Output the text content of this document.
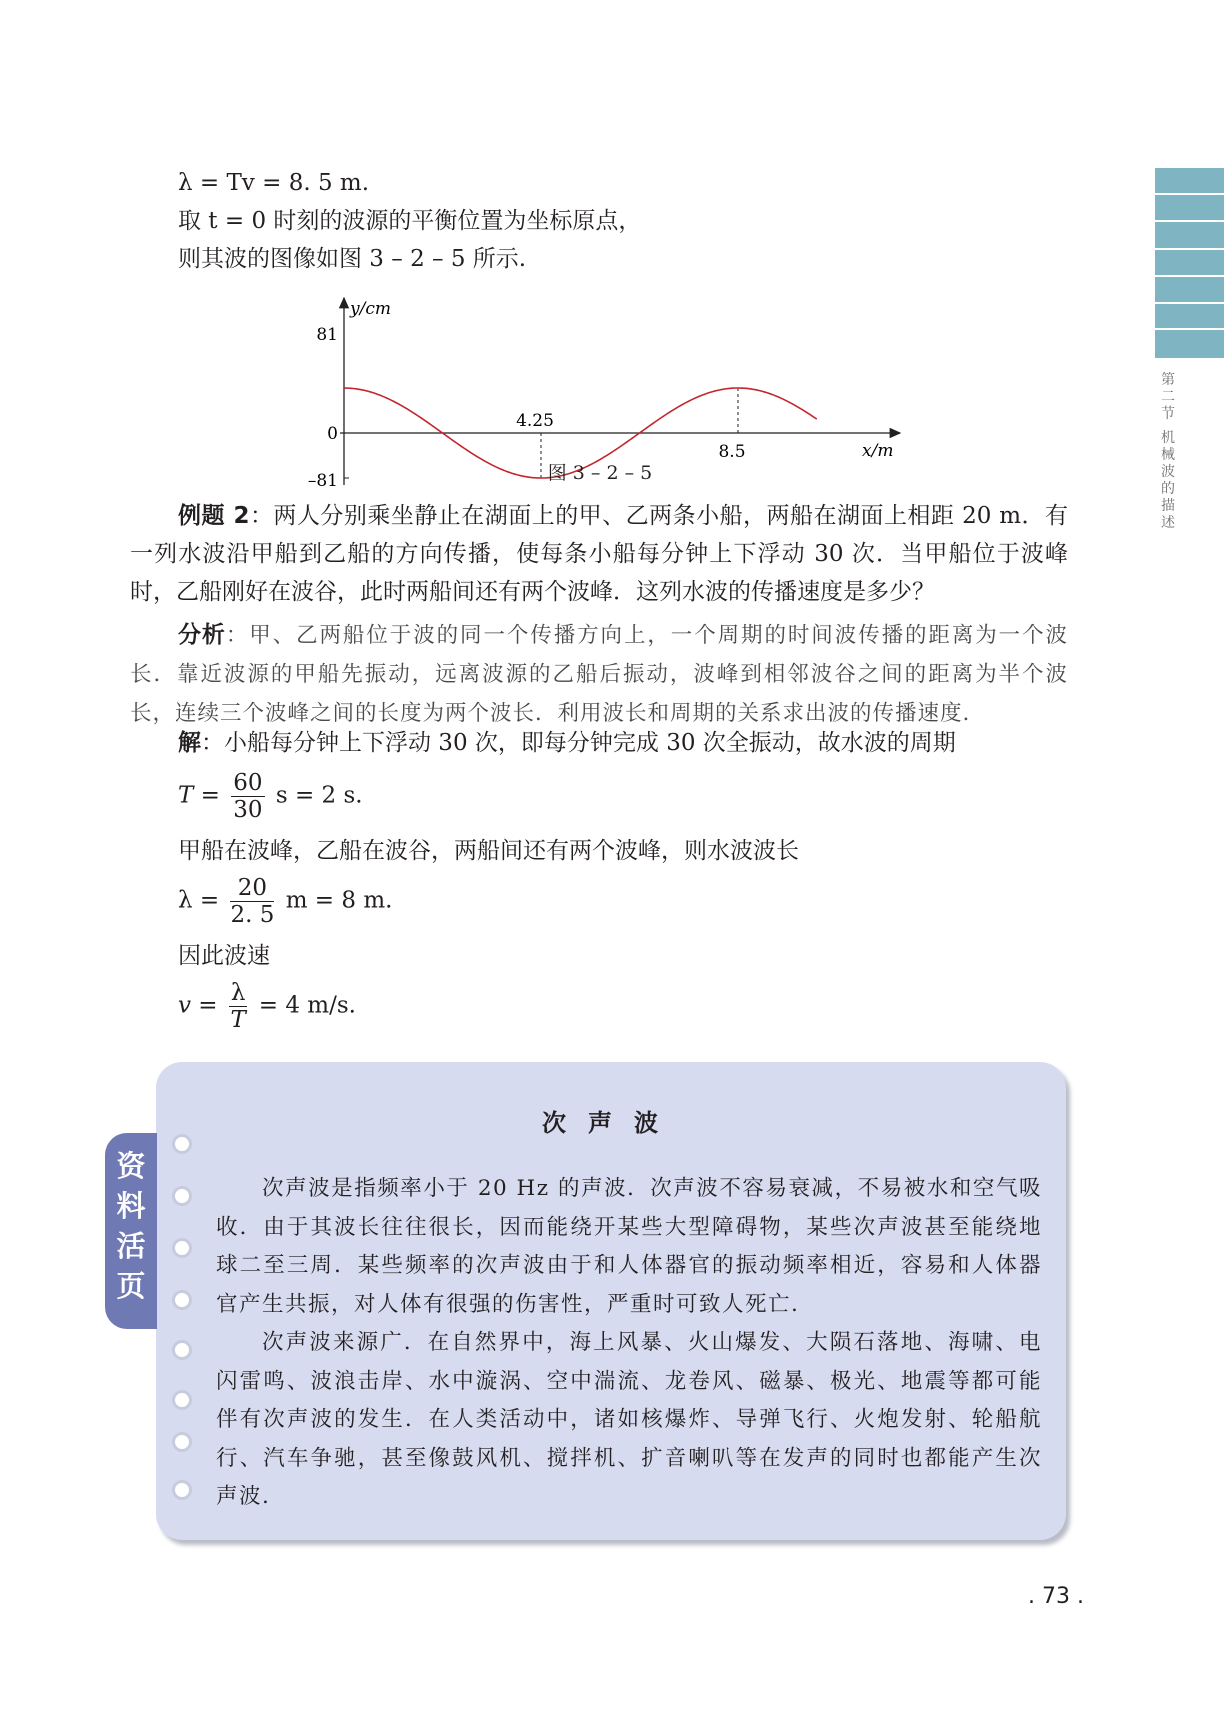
λ = Tv = 8. 5 m.
取 t = 0 时刻的波源的平衡位置为坐标原点，
则其波的图像如图 3 – 2 – 5 所示.
y/cm
x/m
81
0
–81
4.25
8.5
图 3 – 2 – 5

例题 2：两人分别乘坐静止在湖面上的甲、乙两条小船，两船在湖面上相距 20 m．有一列水波沿甲船到乙船的方向传播，使每条小船每分钟上下浮动 30 次．当甲船位于波峰时，乙船刚好在波谷，此时两船间还有两个波峰．这列水波的传播速度是多少？

分析：甲、乙两船位于波的同一个传播方向上，一个周期的时间波传播的距离为一个波长．靠近波源的甲船先振动，远离波源的乙船后振动，波峰到相邻波谷之间的距离为半个波长，连续三个波峰之间的长度为两个波长．利用波长和周期的关系求出波的传播速度.

解：小船每分钟上下浮动 30 次，即每分钟完成 30 次全振动，故水波的周期
$T = \frac{60}{30}$ s = 2 s.
甲船在波峰，乙船在波谷，两船间还有两个波峰，则水波波长
$\lambda = \frac{20}{2. 5}$ m = 8 m.
因此波速
$v = \frac{\lambda}{T} = 4$ m/s.
第二节
机械波的描述
资料活页
次声波

次声波是指频率小于 20 Hz 的声波．次声波不容易衰减，不易被水和空气吸收．由于其波长往往很长，因而能绕开某些大型障碍物，某些次声波甚至能绕地球二至三周．某些频率的次声波由于和人体器官的振动频率相近，容易和人体器官产生共振，对人体有很强的伤害性，严重时可致人死亡.

次声波来源广．在自然界中，海上风暴、火山爆发、大陨石落地、海啸、电闪雷鸣、波浪击岸、水中漩涡、空中湍流、龙卷风、磁暴、极光、地震等都可能伴有次声波的发生．在人类活动中，诸如核爆炸、导弹飞行、火炮发射、轮船航行、汽车争驰，甚至像鼓风机、搅拌机、扩音喇叭等在发声的同时也都能产生次声波.

. 73 .
